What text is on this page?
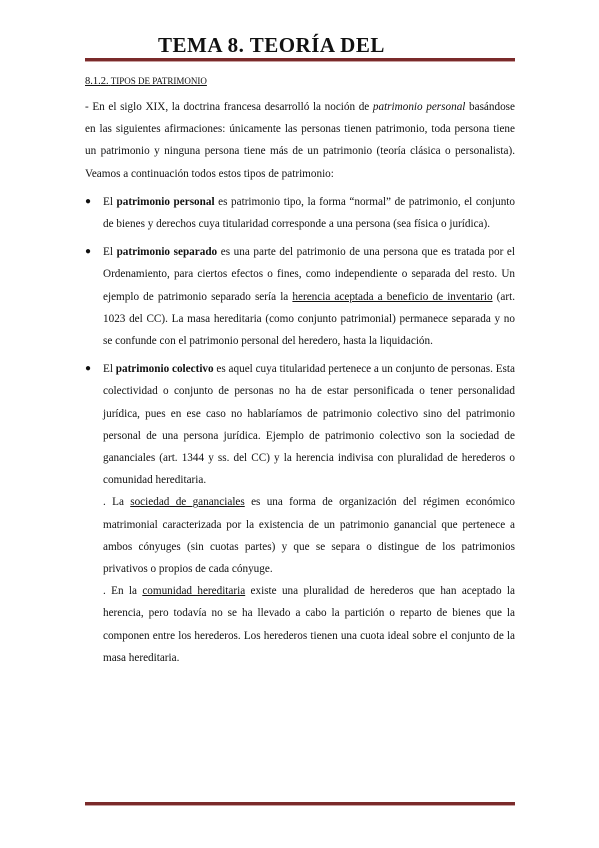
TEMA 8. TEORÍA DEL
8.1.2. TIPOS DE PATRIMONIO

- En el siglo XIX, la doctrina francesa desarrolló la noción de patrimonio personal basándose en las siguientes afirmaciones: únicamente las personas tienen patrimonio, toda persona tiene un patrimonio y ninguna persona tiene más de un patrimonio (teoría clásica o personalista). Veamos a continuación todos estos tipos de patrimonio:

● El patrimonio personal es patrimonio tipo, la forma “normal” de patrimonio, el conjunto de bienes y derechos cuya titularidad corresponde a una persona (sea física o jurídica).

● El patrimonio separado es una parte del patrimonio de una persona que es tratada por el Ordenamiento, para ciertos efectos o fines, como independiente o separada del resto. Un ejemplo de patrimonio separado sería la herencia aceptada a beneficio de inventario (art. 1023 del CC). La masa hereditaria (como conjunto patrimonial) permanece separada y no se confunde con el patrimonio personal del heredero, hasta la liquidación.

● El patrimonio colectivo es aquel cuya titularidad pertenece a un conjunto de personas. Esta colectividad o conjunto de personas no ha de estar personificada o tener personalidad jurídica, pues en ese caso no hablaríamos de patrimonio colectivo sino del patrimonio personal de una persona jurídica. Ejemplo de patrimonio colectivo son la sociedad de gananciales (art. 1344 y ss. del CC) y la herencia indivisa con pluralidad de herederos o comunidad hereditaria.

. La sociedad de gananciales es una forma de organización del régimen económico matrimonial caracterizada por la existencia de un patrimonio ganancial que pertenece a ambos cónyuges (sin cuotas partes) y que se separa o distingue de los patrimonios privativos o propios de cada cónyuge.

. En la comunidad hereditaria existe una pluralidad de herederos que han aceptado la herencia, pero todavía no se ha llevado a cabo la partición o reparto de bienes que la componen entre los herederos. Los herederos tienen una cuota ideal sobre el conjunto de la masa hereditaria.
